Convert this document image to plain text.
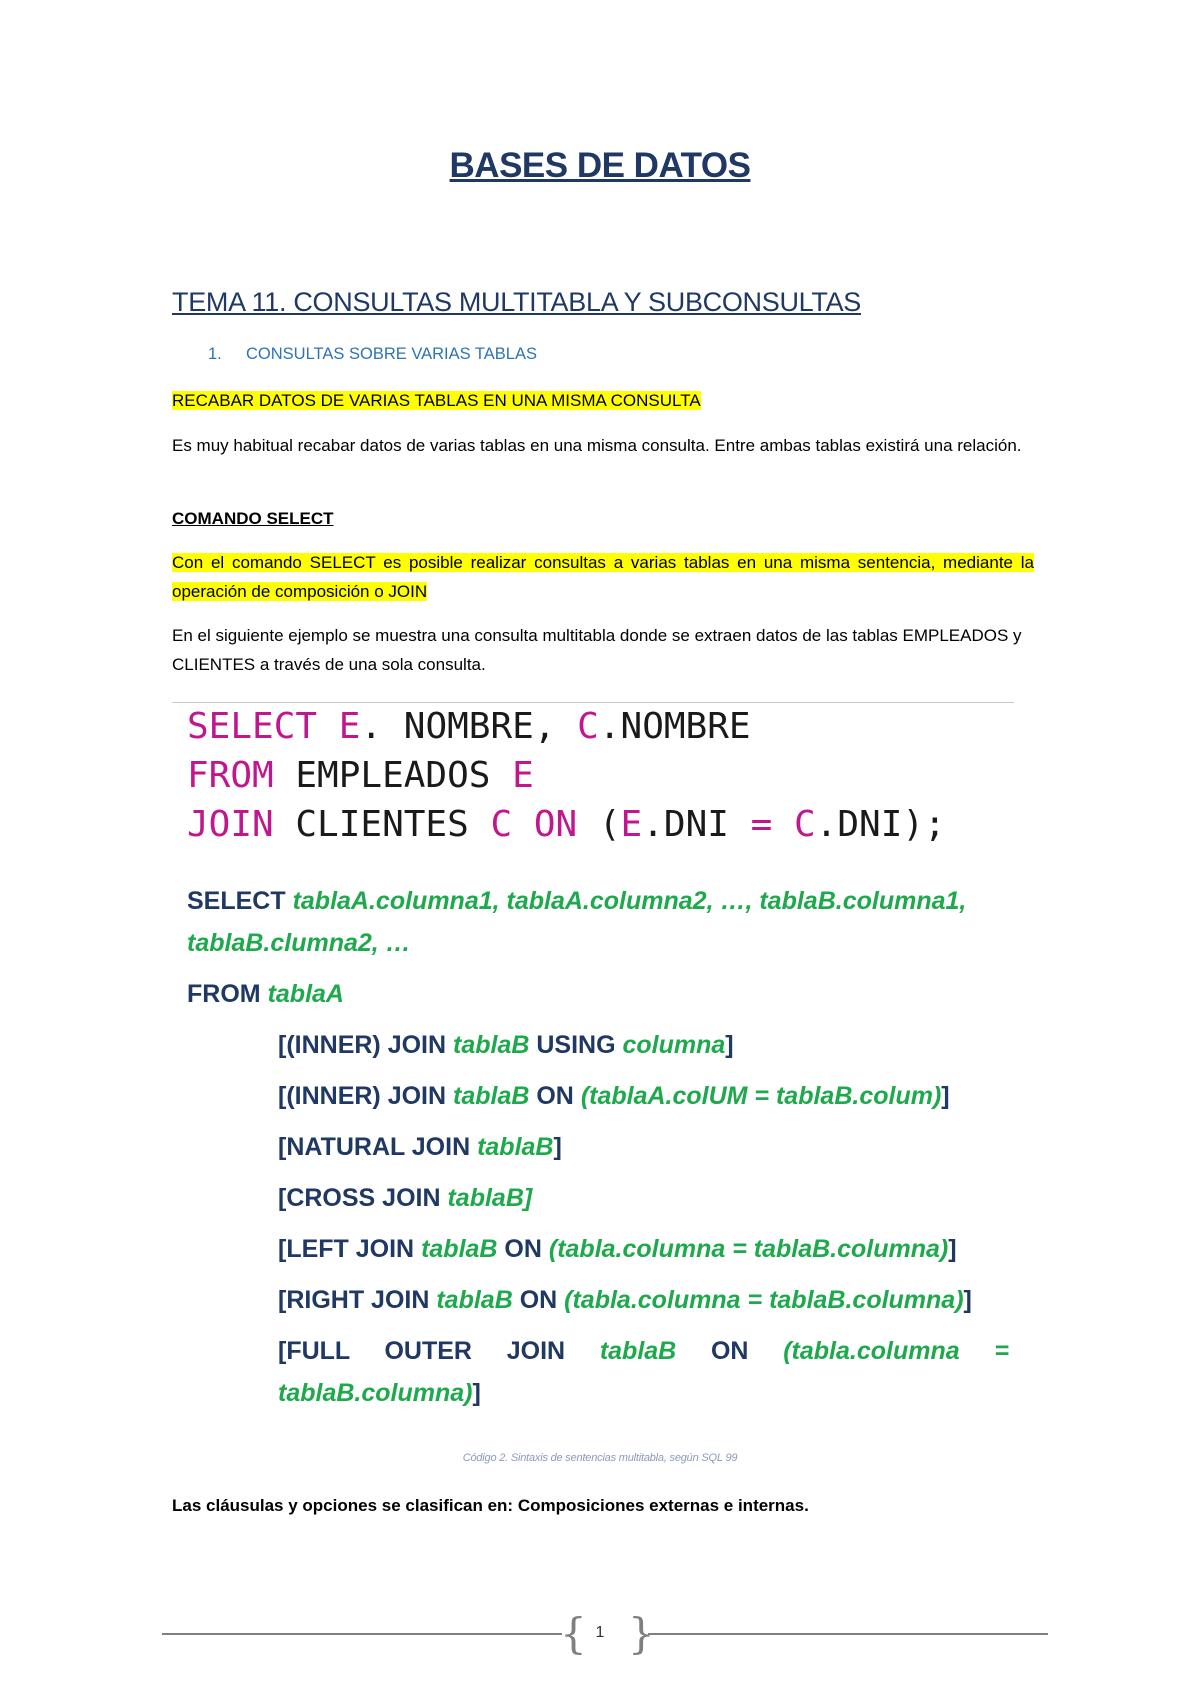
BASES DE DATOS
TEMA 11. CONSULTAS MULTITABLA Y SUBCONSULTAS
1. CONSULTAS SOBRE VARIAS TABLAS
RECABAR DATOS DE VARIAS TABLAS EN UNA MISMA CONSULTA
Es muy habitual recabar datos de varias tablas en una misma consulta. Entre ambas tablas existirá una relación.
COMANDO SELECT
Con el comando SELECT es posible realizar consultas a varias tablas en una misma sentencia, mediante la operación de composición o JOIN
En el siguiente ejemplo se muestra una consulta multitabla donde se extraen datos de las tablas EMPLEADOS y CLIENTES a través de una sola consulta.
SELECT E. NOMBRE, C.NOMBRE
FROM EMPLEADOS E
JOIN CLIENTES C ON (E.DNI = C.DNI);
SELECT tablaA.columna1, tablaA.columna2, …, tablaB.columna1,
tablaB.clumna2, …
FROM tablaA
[(INNER) JOIN tablaB USING columna]
[(INNER) JOIN tablaB ON (tablaA.colUM = tablaB.colum)]
[NATURAL JOIN tablaB]
[CROSS JOIN tablaB]
[LEFT JOIN tablaB ON (tabla.columna = tablaB.columna)]
[RIGHT JOIN tablaB ON (tabla.columna = tablaB.columna)]
[FULL OUTER JOIN tablaB ON (tabla.columna =
tablaB.columna)]
Código 2. Sintaxis de sentencias multitabla, según SQL 99
Las cláusulas y opciones se clasifican en: Composiciones externas e internas.
{ 1 }
